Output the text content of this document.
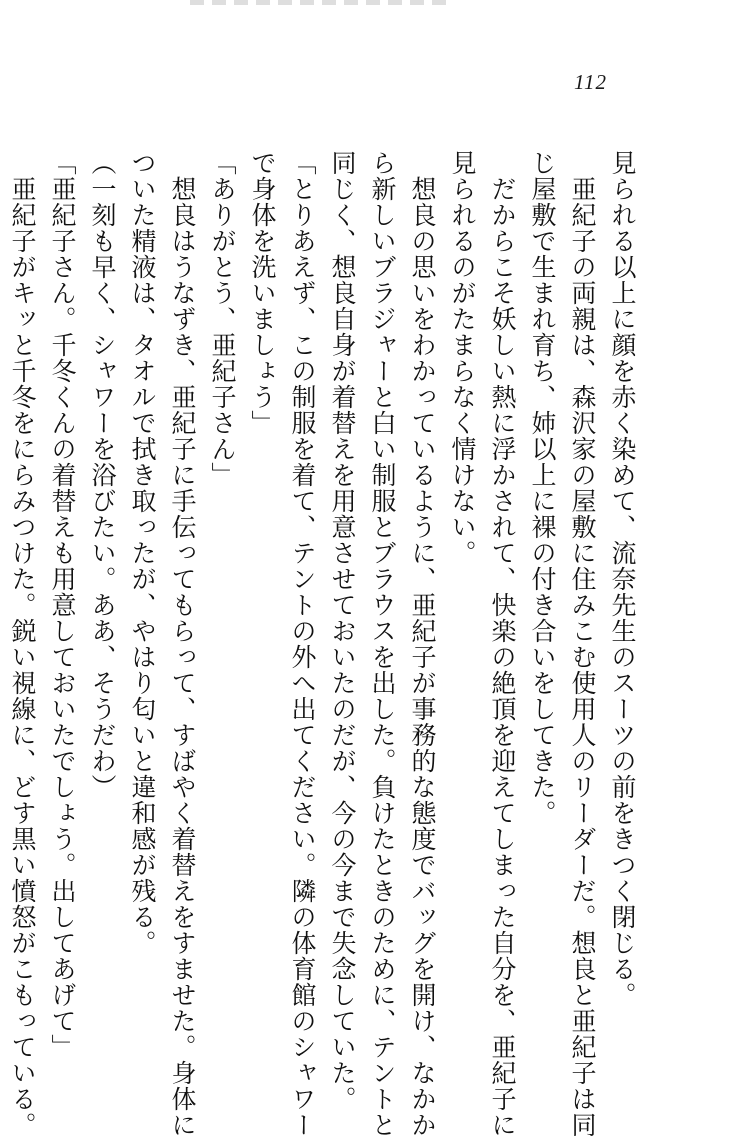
112
見られる以上に顔を赤く染めて、流奈先生のスーツの前をきつく閉じる。
　亜紀子の両親は、森沢家の屋敷に住みこむ使用人のリーダーだ。想良と亜紀子は同
じ屋敷で生まれ育ち、姉以上に裸の付き合いをしてきた。
　だからこそ妖しい熱に浮かされて、快楽の絶頂を迎えてしまった自分を、亜紀子に
見られるのがたまらなく情けない。
　想良の思いをわかっているように、亜紀子が事務的な態度でバッグを開け、なかか
ら新しいブラジャーと白い制服とブラウスを出した。負けたときのために、テントと
同じく、想良自身が着替えを用意させておいたのだが、今の今まで失念していた。
「とりあえず、この制服を着て、テントの外へ出てください。隣の体育館のシャワー
で身体を洗いましょう」
「ありがとう、亜紀子さん」
　想良はうなずき、亜紀子に手伝ってもらって、すばやく着替えをすませた。身体に
ついた精液は、タオルで拭き取ったが、やはり匂いと違和感が残る。
（一刻も早く、シャワーを浴びたい。ああ、そうだわ）
「亜紀子さん。千冬くんの着替えも用意しておいたでしょう。出してあげて」
　亜紀子がキッと千冬をにらみつけた。鋭い視線に、どす黒い憤怒がこもっている。
